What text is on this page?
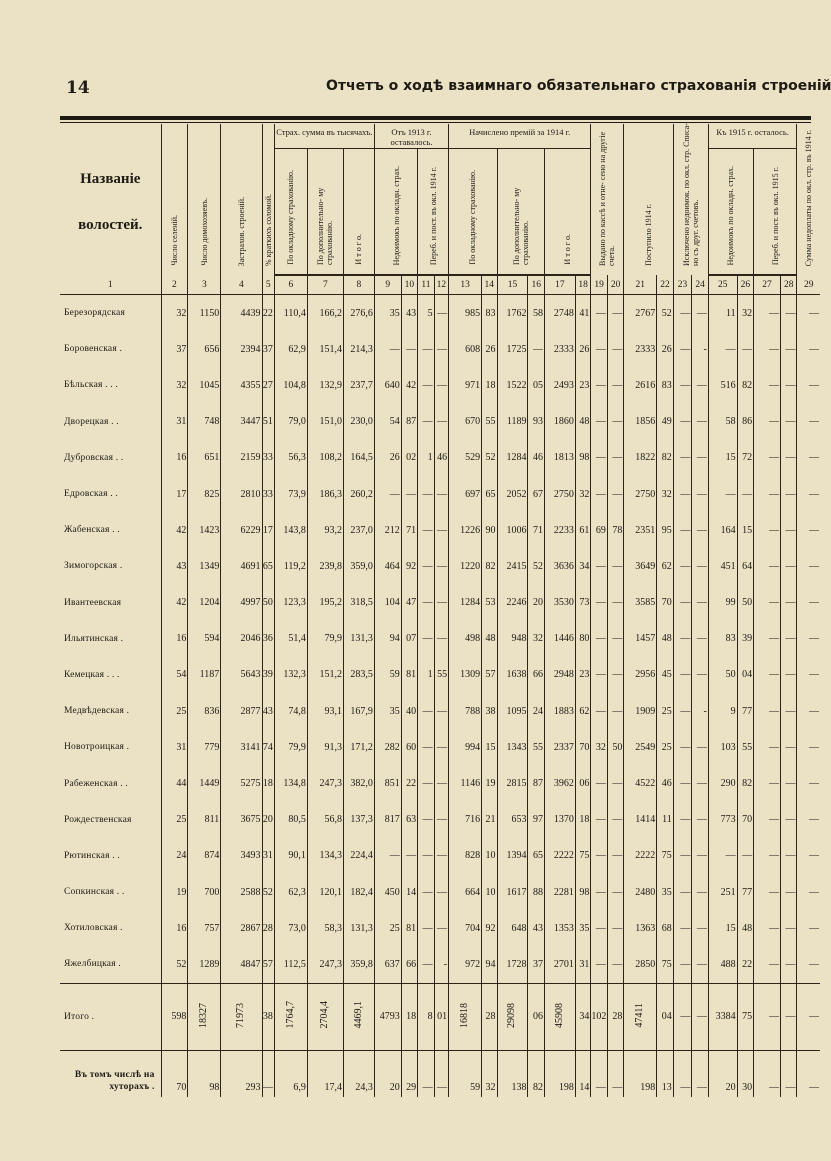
14	Отчетъ о ходѣ взаимнаго обязательнаго страхованія строеній
Названіе
волостей.	Число селеній.	Число домохозяевъ.	Застрахов. строеній.	% краткихъ соломой.	Страх. сумма въ тысячахъ.			Отъ 1913 г. оставалось.				Начислено премій за 1914 г.						Выдано по кассѣ и отне- сено на другіе счета.		Поступило 1914 г.		Исключено недоимок. по окл. стр. Списа- но съ друг. счетовъ.		Къ 1915 г. осталось.				Сумма недоплаты по окл. стр. въ 1914 г.
					По окладному страхованію.	По дополнительно- му страхованію.	И т о г о.	Недоимокъ по окладн. страх.		Переб. и пост. въ окл. 1914 г.		По окладному страхованію.		По дополнительно- му страхованію.		И т о г о.								Недоимокъ по окладн. страх.		Переб. и пост. въ окл. 1915 г.		
1	2	3	4	5	6	7	8	9	10	11	12	13	14	15	16	17	18	19	20	21	22	23	24	25	26	27	28	29
Березорядская	32	1150	4439	22	110,4	166,2	276,6	35	43	5	—	985	83	1762	58	2748	41	—	—	2767	52	—	—	11	32	—	—	—
Боровенская .	37	656	2394	37	62,9	151,4	214,3	—	—	—	—	608	26	1725	—	2333	26	—	—	2333	26	—	-	—	—	—	—	—
Бѣльская . . .	32	1045	4355	27	104,8	132,9	237,7	640	42	—	—	971	18	1522	05	2493	23	—	—	2616	83	—	—	516	82	—	—	—
Дворецкая . .	31	748	3447	51	79,0	151,0	230,0	54	87	—	—	670	55	1189	93	1860	48	—	—	1856	49	—	—	58	86	—	—	—
Дубровская . .	16	651	2159	33	56,3	108,2	164,5	26	02	1	46	529	52	1284	46	1813	98	—	—	1822	82	—	—	15	72	—	—	—
Едровская . .	17	825	2810	33	73,9	186,3	260,2	—	—	—	—	697	65	2052	67	2750	32	—	—	2750	32	—	—	—	—	—	—	—
Жабенская . .	42	1423	6229	17	143,8	93,2	237,0	212	71	—	—	1226	90	1006	71	2233	61	69	78	2351	95	—	—	164	15	—	—	—
Зимогорская .	43	1349	4691	65	119,2	239,8	359,0	464	92	—	—	1220	82	2415	52	3636	34	—	—	3649	62	—	—	451	64	—	—	—
Ивантеевская	42	1204	4997	50	123,3	195,2	318,5	104	47	—	—	1284	53	2246	20	3530	73	—	—	3585	70	—	—	99	50	—	—	—
Ильятинская .	16	594	2046	36	51,4	79,9	131,3	94	07	—	—	498	48	948	32	1446	80	—	—	1457	48	—	—	83	39	—	—	—
Кемецкая . . .	54	1187	5643	39	132,3	151,2	283,5	59	81	1	55	1309	57	1638	66	2948	23	—	—	2956	45	—	—	50	04	—	—	—
Медвѣдевская .	25	836	2877	43	74,8	93,1	167,9	35	40	—	—	788	38	1095	24	1883	62	—	—	1909	25	—	-	9	77	—	—	—
Новотроицкая .	31	779	3141	74	79,9	91,3	171,2	282	60	—	—	994	15	1343	55	2337	70	32	50	2549	25	—	—	103	55	—	—	—
Рабеженская . .	44	1449	5275	18	134,8	247,3	382,0	851	22	—	—	1146	19	2815	87	3962	06	—	—	4522	46	—	—	290	82	—	—	—
Рождественская	25	811	3675	20	80,5	56,8	137,3	817	63	—	—	716	21	653	97	1370	18	—	—	1414	11	—	—	773	70	—	—	—
Рютинская . .	24	874	3493	31	90,1	134,3	224,4	—	—	—	—	828	10	1394	65	2222	75	—	—	2222	75	—	—	—	—	—	—	—
Сопкинская . .	19	700	2588	52	62,3	120,1	182,4	450	14	—	—	664	10	1617	88	2281	98	—	—	2480	35	—	—	251	77	—	—	—
Хотиловская .	16	757	2867	28	73,0	58,3	131,3	25	81	—	—	704	92	648	43	1353	35	—	—	1363	68	—	—	15	48	—	—	—
Яжелбицкая .	52	1289	4847	57	112,5	247,3	359,8	637	66	—	-	972	94	1728	37	2701	31	—	—	2850	75	—	—	488	22	—	—	—
Итого .	598	18327	71973	38	1764,7	2704,4	4469,1	4793	18	8	01	16818	28	29098	06	45908	34	102	28	47411	04	—	—	3384	75	—	—	—
Въ томъ числѣ на хуторахъ .	70	98	293	—	6,9	17,4	24,3	20	29	—	—	59	32	138	82	198	14	—	—	198	13	—	—	20	30	—	—	—
